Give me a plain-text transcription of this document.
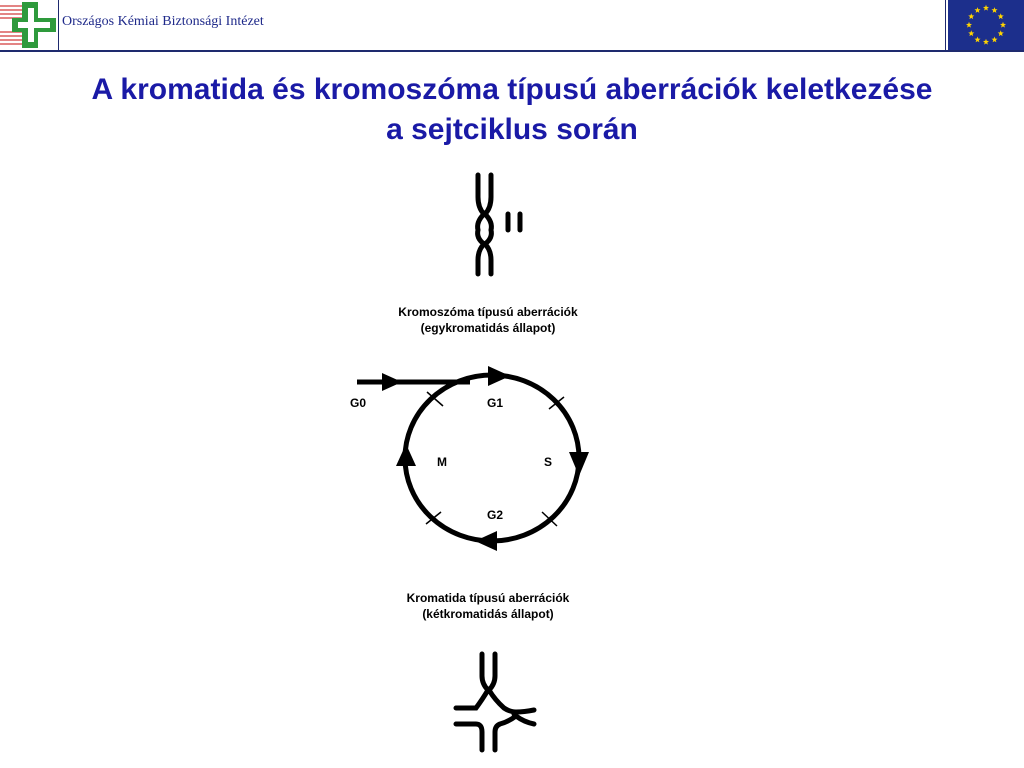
Országos Kémiai Biztonsági Intézet
A kromatida és kromoszóma típusú aberrációk keletkezése
a sejtciklus során
Kromoszóma típusú aberrációk
(egykromatidás állapot)
G0	G1
S
G2
M
Kromatida típusú aberrációk
(kétkromatidás állapot)
